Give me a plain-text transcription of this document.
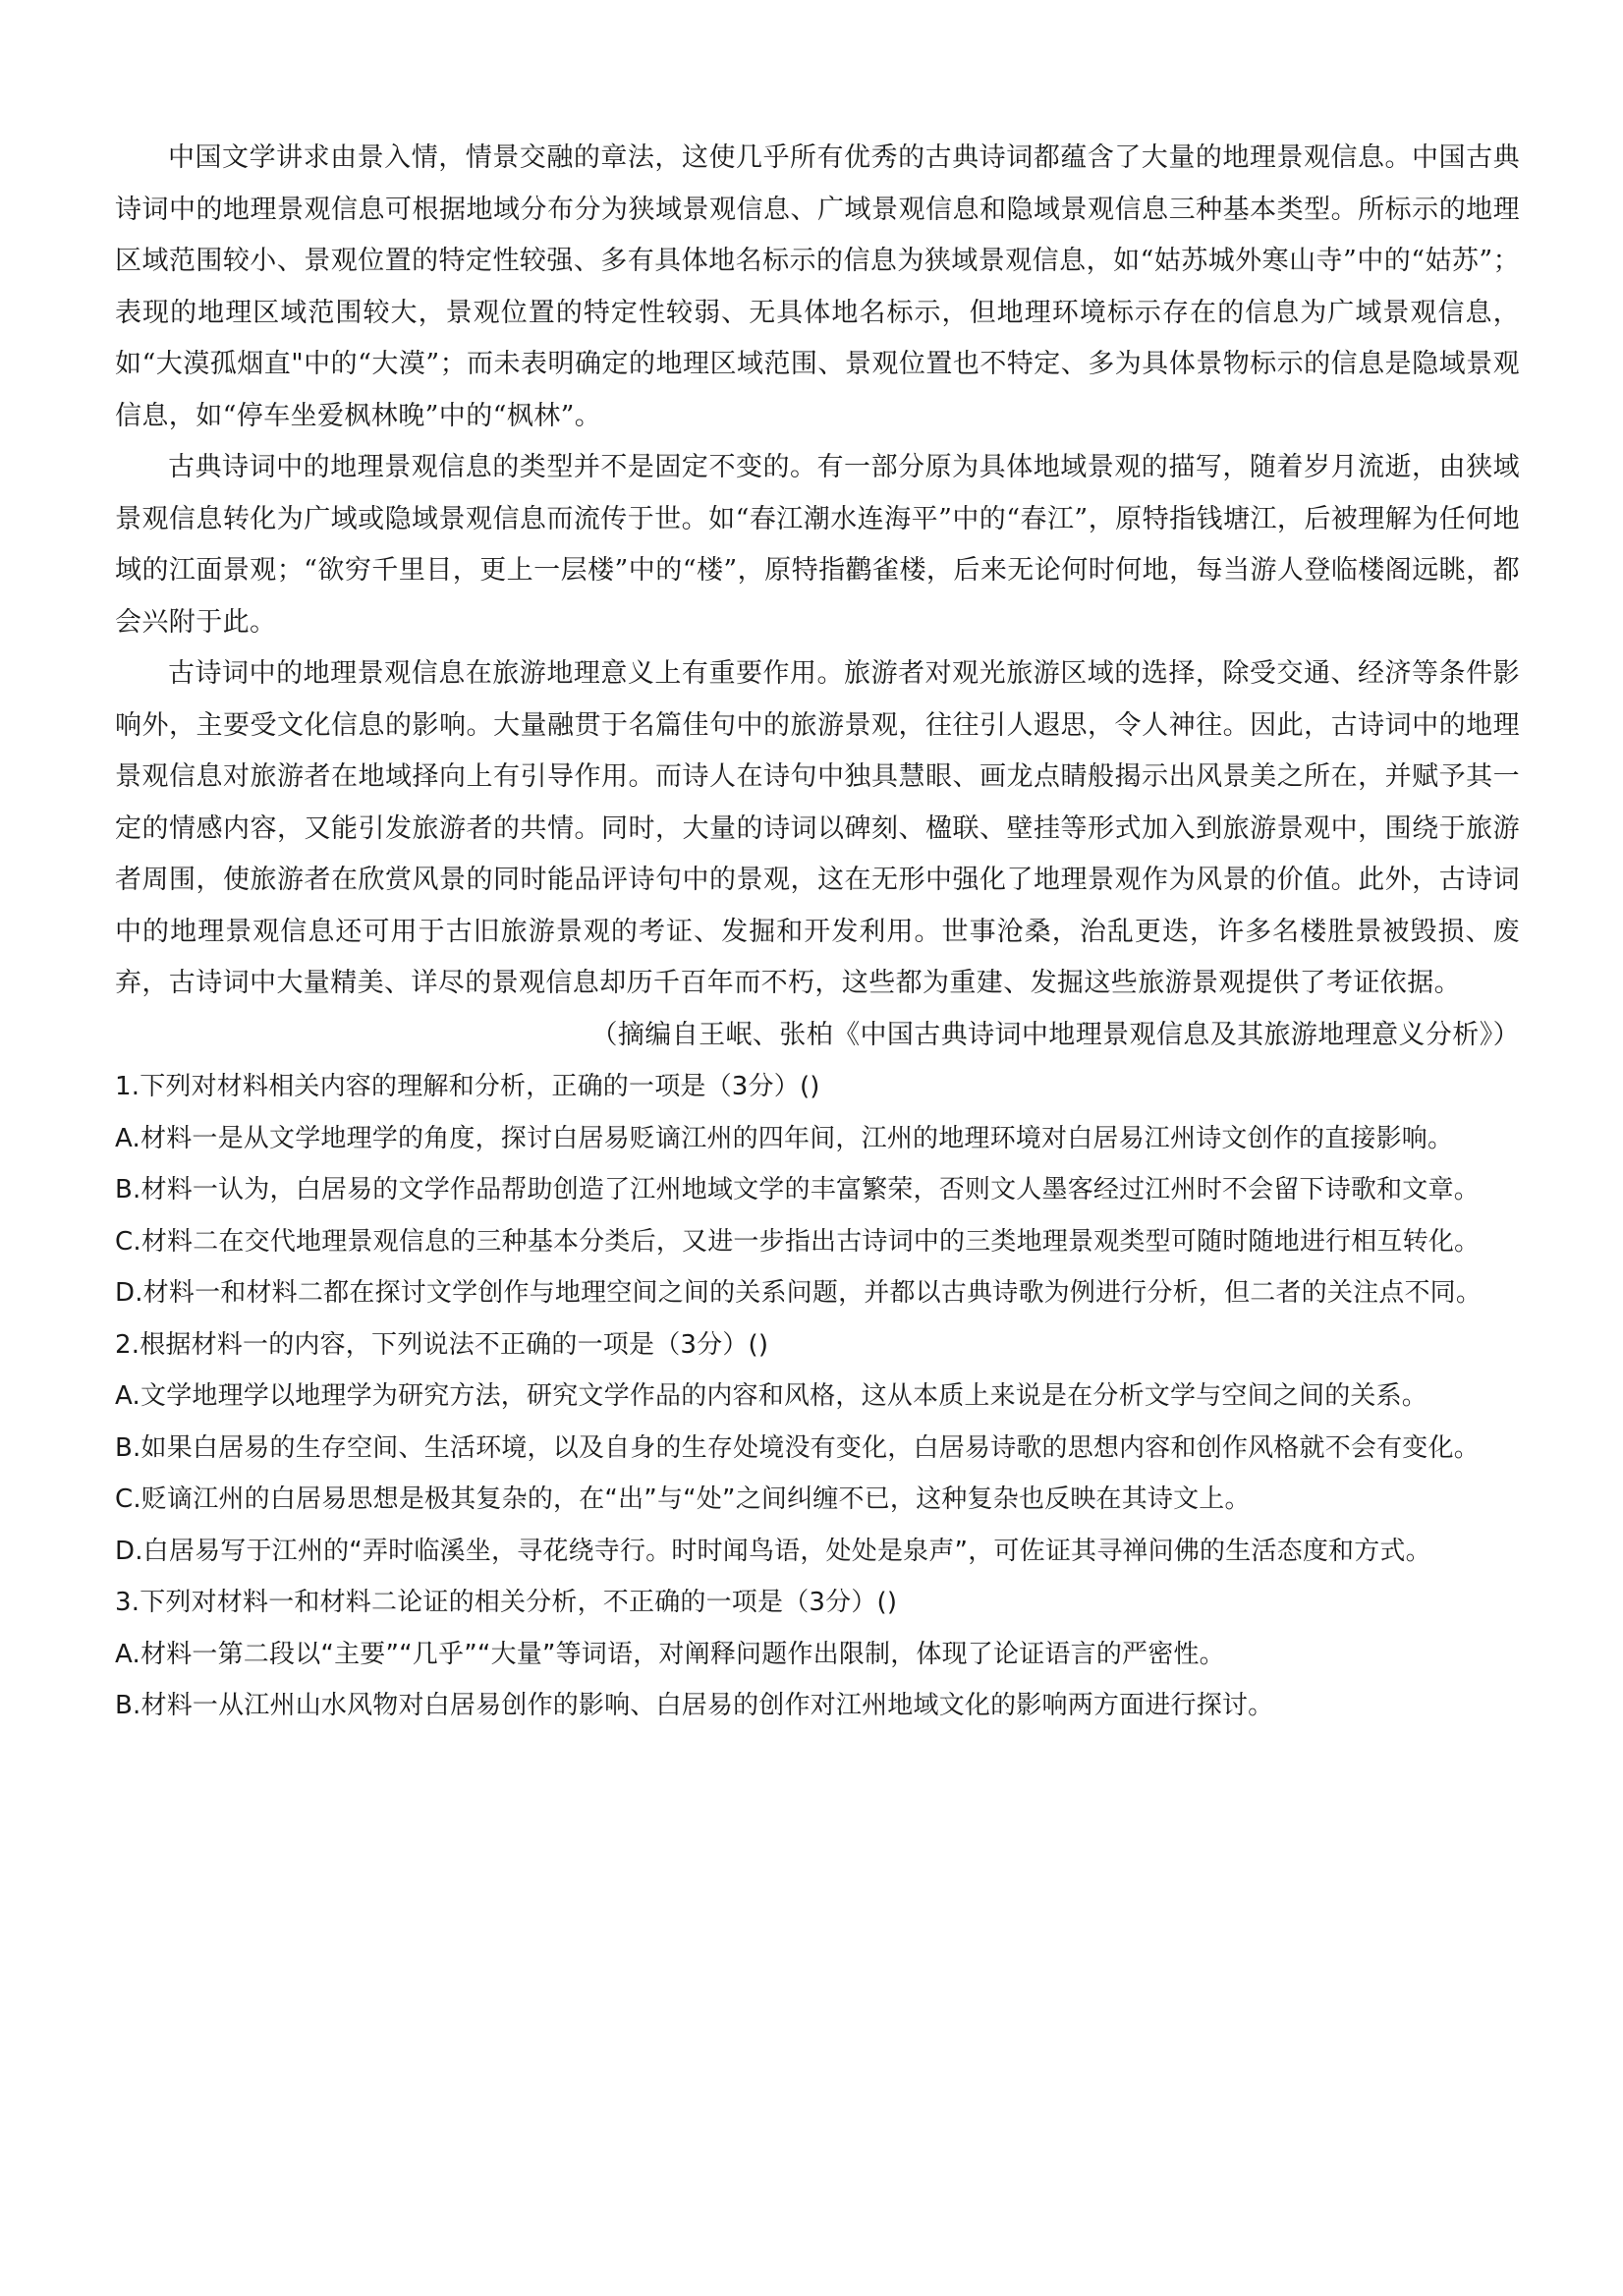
中国文学讲求由景入情，情景交融的章法，这使几乎所有优秀的古典诗词都蕴含了大量的地理景观信息。中国古典诗词中的地理景观信息可根据地域分布分为狭域景观信息、广域景观信息和隐域景观信息三种基本类型。所标示的地理区域范围较小、景观位置的特定性较强、多有具体地名标示的信息为狭域景观信息，如“姑苏城外寒山寺”中的“姑苏”；表现的地理区域范围较大，景观位置的特定性较弱、无具体地名标示，但地理环境标示存在的信息为广域景观信息，如“大漠孤烟直"中的“大漠”；而未表明确定的地理区域范围、景观位置也不特定、多为具体景物标示的信息是隐域景观信息，如“停车坐爱枫林晚”中的“枫林”。

古典诗词中的地理景观信息的类型并不是固定不变的。有一部分原为具体地域景观的描写，随着岁月流逝，由狭域景观信息转化为广域或隐域景观信息而流传于世。如“春江潮水连海平”中的“春江”，原特指钱塘江，后被理解为任何地域的江面景观；“欲穷千里目，更上一层楼”中的“楼”，原特指鹳雀楼，后来无论何时何地，每当游人登临楼阁远眺，都会兴附于此。

古诗词中的地理景观信息在旅游地理意义上有重要作用。旅游者对观光旅游区域的选择，除受交通、经济等条件影响外，主要受文化信息的影响。大量融贯于名篇佳句中的旅游景观，往往引人遐思，令人神往。因此，古诗词中的地理景观信息对旅游者在地域择向上有引导作用。而诗人在诗句中独具慧眼、画龙点睛般揭示出风景美之所在，并赋予其一定的情感内容，又能引发旅游者的共情。同时，大量的诗词以碑刻、楹联、壁挂等形式加入到旅游景观中，围绕于旅游者周围，使旅游者在欣赏风景的同时能品评诗句中的景观，这在无形中强化了地理景观作为风景的价值。此外，古诗词中的地理景观信息还可用于古旧旅游景观的考证、发掘和开发利用。世事沧桑，治乱更迭，许多名楼胜景被毁损、废弃，古诗词中大量精美、详尽的景观信息却历千百年而不朽，这些都为重建、发掘这些旅游景观提供了考证依据。

（摘编自王岷、张柏《中国古典诗词中地理景观信息及其旅游地理意义分析》）

1.下列对材料相关内容的理解和分析，正确的一项是（3分）()

A.材料一是从文学地理学的角度，探讨白居易贬谪江州的四年间，江州的地理环境对白居易江州诗文创作的直接影响。

B.材料一认为，白居易的文学作品帮助创造了江州地域文学的丰富繁荣，否则文人墨客经过江州时不会留下诗歌和文章。

C.材料二在交代地理景观信息的三种基本分类后，又进一步指出古诗词中的三类地理景观类型可随时随地进行相互转化。

D.材料一和材料二都在探讨文学创作与地理空间之间的关系问题，并都以古典诗歌为例进行分析，但二者的关注点不同。

2.根据材料一的内容，下列说法不正确的一项是（3分）()

A.文学地理学以地理学为研究方法，研究文学作品的内容和风格，这从本质上来说是在分析文学与空间之间的关系。

B.如果白居易的生存空间、生活环境，以及自身的生存处境没有变化，白居易诗歌的思想内容和创作风格就不会有变化。

C.贬谪江州的白居易思想是极其复杂的，在“出”与“处”之间纠缠不已，这种复杂也反映在其诗文上。

D.白居易写于江州的“弄时临溪坐，寻花绕寺行。时时闻鸟语，处处是泉声”，可佐证其寻禅问佛的生活态度和方式。

3.下列对材料一和材料二论证的相关分析，不正确的一项是（3分）()

A.材料一第二段以“主要”“几乎”“大量”等词语，对阐释问题作出限制，体现了论证语言的严密性。

B.材料一从江州山水风物对白居易创作的影响、白居易的创作对江州地域文化的影响两方面进行探讨。
